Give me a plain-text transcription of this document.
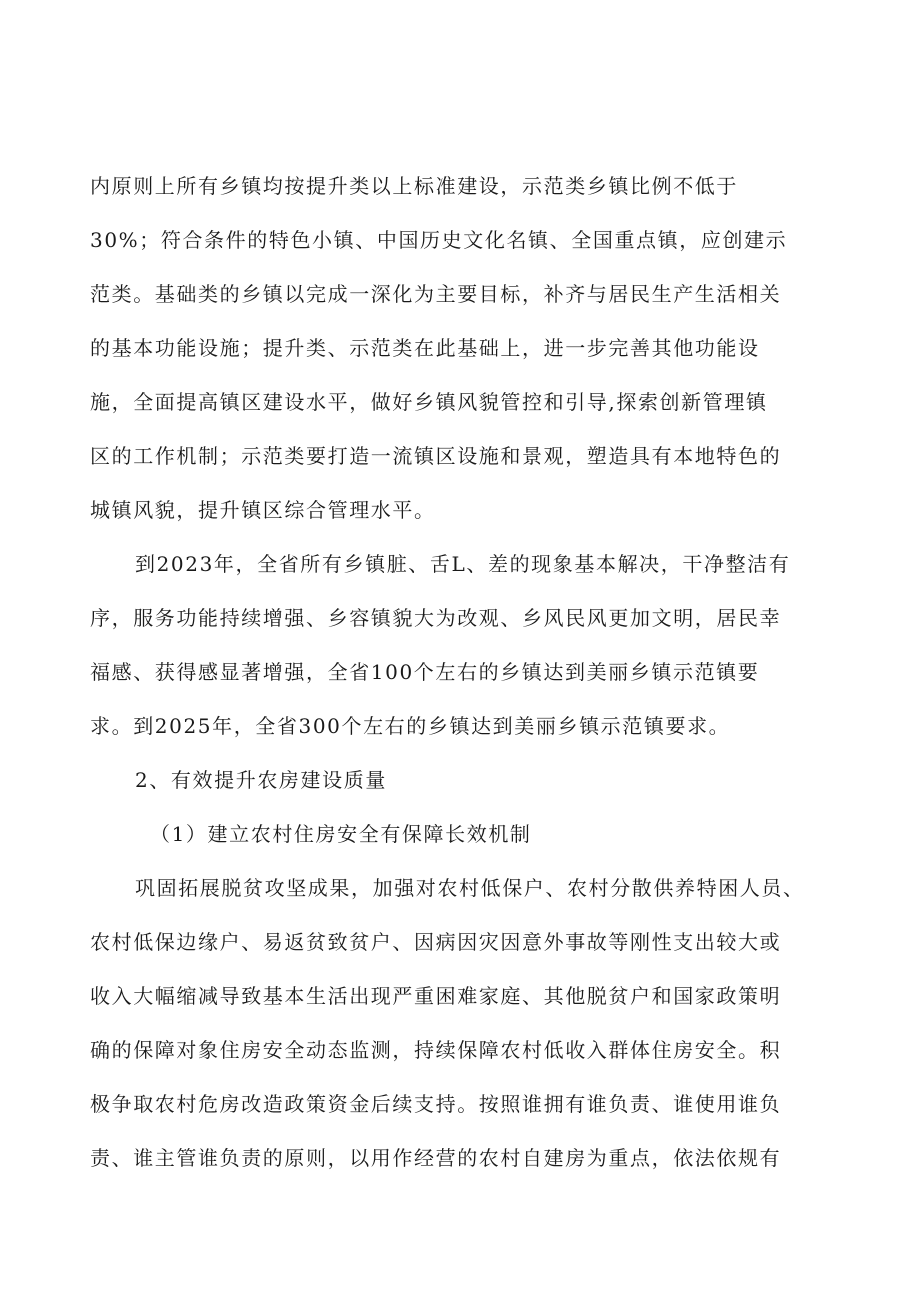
内原则上所有乡镇均按提升类以上标准建设，示范类乡镇比例不低于
30%；符合条件的特色小镇、中国历史文化名镇、全国重点镇，应创建示
范类。基础类的乡镇以完成一深化为主要目标，补齐与居民生产生活相关
的基本功能设施；提升类、示范类在此基础上，进一步完善其他功能设
施，全面提高镇区建设水平，做好乡镇风貌管控和引导,探索创新管理镇
区的工作机制；示范类要打造一流镇区设施和景观，塑造具有本地特色的
城镇风貌，提升镇区综合管理水平。
到2023年，全省所有乡镇脏、舌L、差的现象基本解决，干净整洁有
序，服务功能持续增强、乡容镇貌大为改观、乡风民风更加文明，居民幸
福感、获得感显著增强，全省100个左右的乡镇达到美丽乡镇示范镇要
求。到2025年，全省300个左右的乡镇达到美丽乡镇示范镇要求。
2、有效提升农房建设质量
（1）建立农村住房安全有保障长效机制
巩固拓展脱贫攻坚成果，加强对农村低保户、农村分散供养特困人员、
农村低保边缘户、易返贫致贫户、因病因灾因意外事故等刚性支出较大或
收入大幅缩减导致基本生活出现严重困难家庭、其他脱贫户和国家政策明
确的保障对象住房安全动态监测，持续保障农村低收入群体住房安全。积
极争取农村危房改造政策资金后续支持。按照谁拥有谁负责、谁使用谁负
责、谁主管谁负责的原则，以用作经营的农村自建房为重点，依法依规有
